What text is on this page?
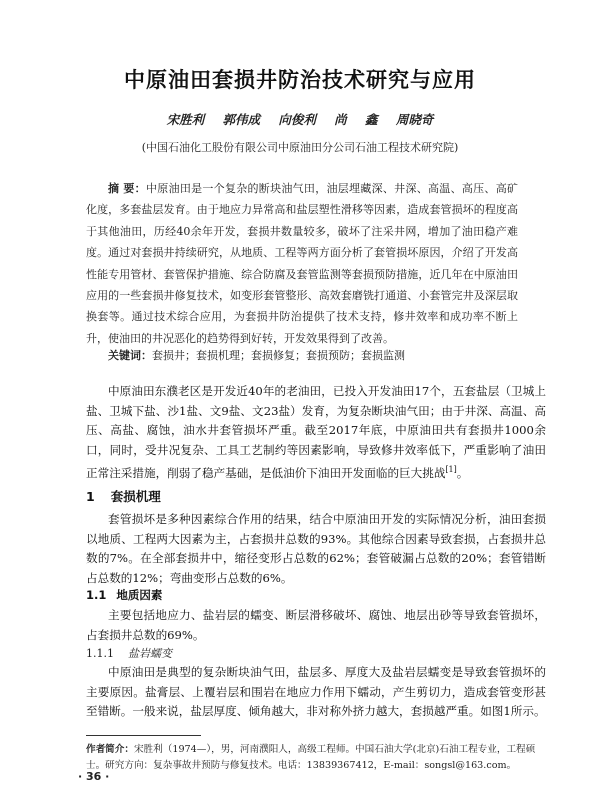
中原油田套损井防治技术研究与应用
宋胜利 郭伟成 向俊利 尚 鑫 周晓奇
(中国石油化工股份有限公司中原油田分公司石油工程技术研究院)
摘 要：中原油田是一个复杂的断块油气田，油层埋藏深、井深、高温、高压、高矿化度，多套盐层发育。由于地应力异常高和盐层塑性滑移等因素，造成套管损坏的程度高于其他油田，历经40余年开发，套损井数量较多，破坏了注采井网，增加了油田稳产难度。通过对套损井持续研究，从地质、工程等两方面分析了套管损坏原因，介绍了开发高性能专用管材、套管保护措施、综合防腐及套管监测等套损预防措施，近几年在中原油田应用的一些套损井修复技术，如变形套管整形、高效套磨铣打通道、小套管完井及深层取换套等。通过技术综合应用，为套损井防治提供了技术支持，修井效率和成功率不断上升，使油田的井况恶化的趋势得到好转，开发效果得到了改善。
关键词：套损井；套损机理；套损修复；套损预防；套损监测
中原油田东濮老区是开发近40年的老油田，已投入开发油田17个，五套盐层（卫城上盐、卫城下盐、沙1盐、文9盐、文23盐）发育，为复杂断块油气田；由于井深、高温、高压、高盐、腐蚀，油水井套管损坏严重。截至2017年底，中原油田共有套损井1000余口，同时，受井况复杂、工具工艺制约等因素影响，导致修井效率低下，严重影响了油田正常注采措施，削弱了稳产基础，是低油价下油田开发面临的巨大挑战[1]。
1 套损机理
套管损坏是多种因素综合作用的结果，结合中原油田开发的实际情况分析，油田套损以地质、工程两大因素为主，占套损井总数的93%。其他综合因素导致套损，占套损井总数的7%。在全部套损井中，缩径变形占总数的62%；套管破漏占总数的20%；套管错断占总数的12%；弯曲变形占总数的6%。
1.1 地质因素
主要包括地应力、盐岩层的蠕变、断层滑移破坏、腐蚀、地层出砂等导致套管损坏，占套损井总数的69%。
1.1.1 盐岩蠕变
中原油田是典型的复杂断块油气田，盐层多、厚度大及盐岩层蠕变是导致套管损坏的主要原因。盐膏层、上覆岩层和围岩在地应力作用下蠕动，产生剪切力，造成套管变形甚至错断。一般来说，盐层厚度、倾角越大，非对称外挤力越大，套损越严重。如图1所示。
作者简介：宋胜利（1974—），男，河南濮阳人，高级工程师。中国石油大学(北京)石油工程专业，工程硕士。研究方向：复杂事故井预防与修复技术。电话：13839367412，E-mail：songsl@163.com。
· 36 ·
